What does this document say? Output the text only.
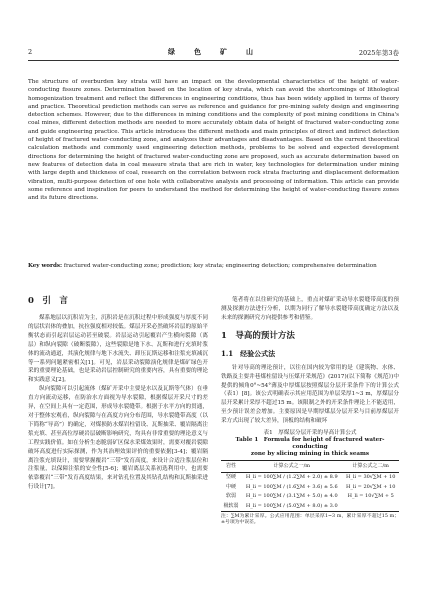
2	绿　色　矿　山	2025年第3卷
The structure of overburden key strata will have an impact on the developmental characteristics of the height of water-conducting fissure zones. Determination based on the location of key strata, which can avoid the shortcomings of lithological homogenization treatment and reflect the differences in engineering conditions, thus has been widely applied in terms of theory and practice. Theoretical prediction methods can serve as reference and guidance for pre-mining safety design and engineering detection schemes. However, due to the differences in mining conditions and the complexity of post mining conditions in China's coal mines, different detection methods are needed to more accurately obtain data of height of fractured water-conducting zone and guide engineering practice. This article introduces the different methods and main principles of direct and indirect detection of height of fractured water-conducting zone, and analyzes their advantages and disadvantages. Based on the current theoretical calculation methods and commonly used engineering detection methods, problems to be solved and expected development directions for determining the height of fractured water-conducting zone are proposed, such as accurate determination based on new features of detection data in coal measure strata that are rich in water, key technologies for determination under mining with large depth and thickness of coal, research on the correlation between rock strata fracturing and displacement deformation vibration, multi-purpose detection of one hole with collaborative analysis and processing of information. This article can provide some reference and inspiration for peers to understand the method for determining the height of water-conducting fissure zones and its future directions.
Key words: fractured water-conducting zone; prediction; key strata; engineering detection; comprehensive determination
0　引　言

煤系地层以沉积岩为主，沉积岩是在沉积过程中形成强度与厚度不同的层状岩体的叠加，抗拉强度相对较低。煤层开采必然破坏岩层的原始平衡状态而引起岩层运动甚至破裂。岩层运动引起覆岩产生横向裂隙（离层）和纵向裂隙（破断裂隙），这些裂隙是地下水、瓦斯和进行充填时浆体的流动通道，其演化规律与地下水流失、卸压瓦斯运移和注浆充填减沉等一系列问题紧密相关[1]。可见，岩层采动裂隙演化规律是煤矿绿色开采的重要理论基础，也是采动岩层控制研究的重要内容，具有重要的理论和实践意义[2]。

纵向裂隙可以引起流体（煤矿开采中主要是水以及瓦斯等气体）在垂直方向流动运移，在防治水方面视为导水裂隙，根据煤层开采尺寸的差异，在空间上具有一定范围，形成导水裂缝带。根据于水平方向的贯通，对于整体宏观看，纵向裂隙与在高度方向分布范围，导水裂缝带高度（以下简称“导高”）的确定，对煤损防水煤岩柱留设、瓦斯抽采、覆岩隔离注浆充填、甚至高位厚硬岩层破断影响研究，均具有非常重要的理论意义与工程实践价值。如在分析生态脆弱矿区保水采煤效果时，需要对覆岩裂隙破坏高度进行实际探测，作为其治理效果评价的重要依据[3-4]；覆岩隔离注浆充填设计，需要掌握覆岩“三带”发育高度，来设计合适注浆层位和注浆量，以保障注浆的安全性[5-6]；覆岩离层关系初选利用中，也需要依靠覆岩“三带”发育高度结果，来对钻孔位置及其钻孔结构和瓦斯抽采进行设计[7]。

笔者将在以往研究的基础上，重点对煤矿采动导水裂缝带高度的预测及探测方法进行分析，以期为同行了解导水裂缝带高度确定方法以及未来的探测研究方向提供参考和借鉴。

1　导高的预计方法
1.1　经验公式法

针对导高的理论预计，以往在国内较为常用的是《建筑物、水体、铁路及主要井巷煤柱留设与压煤开采规范》(2017)(以下简称《规范》)中提供的倾角0°~54°薄及中厚煤层按照煤层分层开采条件下的计算公式（表1）[8]。该公式明确表示其应用范围为单层采厚1~3 m，厚煤层分层开采累计采厚不超过15 m。该限制之外的开采条件理论上不能适用，至少预计误差会增加。主要原因是早期厚煤层分层开采与目前厚煤层开采方式出现了较大差异，顶板的结构和破坏

表1　厚煤层分层开采的导高计算公式
Table 1　Formula for height of fractured water-conducting
zone by slicing mining in thick seams
岩性	计算公式之一/m	计算公式之二/m
坚硬	H_li = 100∑M / (1.2∑M + 2.0) ± 8.9	H_li = 30√∑M + 10
中硬	H_li = 100∑M / (1.6∑M + 3.6) ± 5.6	H_li = 20√∑M + 10
软弱	H_li = 100∑M / (3.1∑M + 5.0) ± 4.0	H_li = 10√∑M + 5
极软弱	H_li = 100∑M / (5.0∑M + 8.0) ± 3.0	
注：∑M为累计采厚。公式应用范围：单层采厚1~3 m，累计采厚不超过15 m；±号项为中误差。
